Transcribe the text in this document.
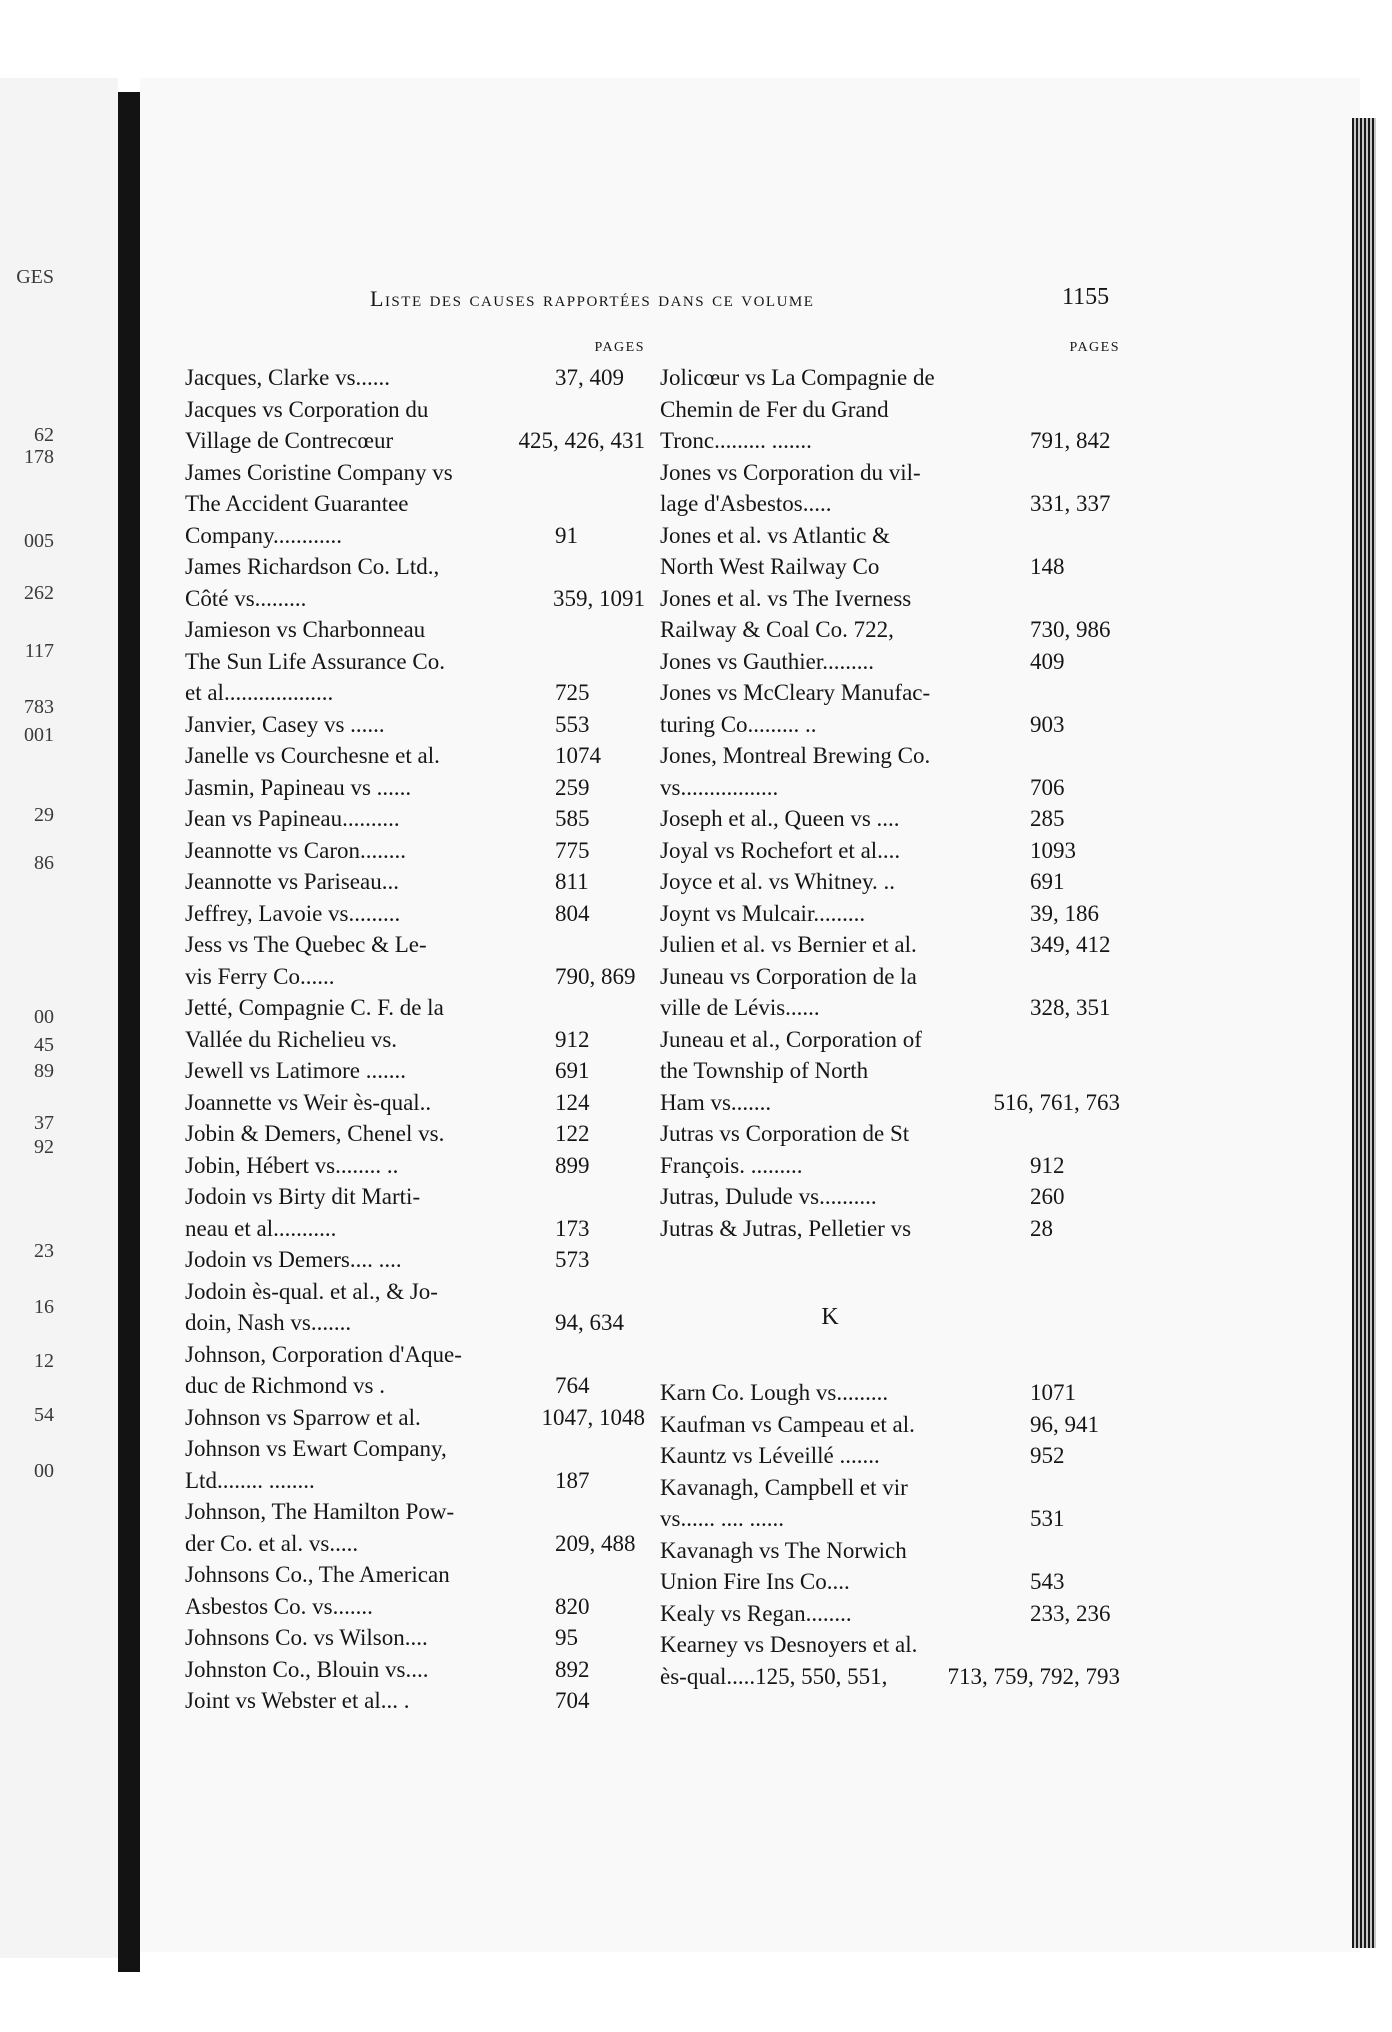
GES
62
178
005
262
117
783
001
29
86
00
45
89
37
92
23
16
12
54
00
Liste des causes rapportées dans ce volume	1155
PAGES
37, 409
Jacques, Clarke vs......
Jacques vs Corporation du
425, 426, 431
Village de Contrecœur
James Coristine Company vs
The Accident Guarantee
91
Company............
James Richardson Co. Ltd.,
359, 1091
Côté vs.........
Jamieson vs Charbonneau
The Sun Life Assurance Co.
725
et al...................
553
Janvier, Casey vs ......
1074
Janelle vs Courchesne et al.
259
Jasmin, Papineau vs ......
585
Jean vs Papineau..........
775
Jeannotte vs Caron........
811
Jeannotte vs Pariseau...
804
Jeffrey, Lavoie vs.........
Jess vs The Quebec & Le-
790, 869
vis Ferry Co......
Jetté, Compagnie C. F. de la
912
Vallée du Richelieu vs.
691
Jewell vs Latimore .......
124
Joannette vs Weir ès-qual..
122
Jobin & Demers, Chenel vs.
899
Jobin, Hébert vs........ ..
Jodoin vs Birty dit Marti-
173
neau et al...........
573
Jodoin vs Demers.... ....
Jodoin ès-qual. et al., & Jo-
94, 634
doin, Nash vs.......
Johnson, Corporation d'Aque-
764
duc de Richmond vs .
1047, 1048
Johnson vs Sparrow et al.
Johnson vs Ewart Company,
187
Ltd........ ........
Johnson, The Hamilton Pow-
209, 488
der Co. et al. vs.....
Johnsons Co., The American
820
Asbestos Co. vs.......
95
Johnsons Co. vs Wilson....
892
Johnston Co., Blouin vs....
704
Joint vs Webster et al... .
PAGES
Jolicœur vs La Compagnie de
Chemin de Fer du Grand
791, 842
Tronc......... .......
Jones vs Corporation du vil-
331, 337
lage d'Asbestos.....
Jones et al. vs Atlantic &
148
North West Railway Co
Jones et al. vs The Iverness
730, 986
Railway & Coal Co. 722,
409
Jones vs Gauthier.........
Jones vs McCleary Manufac-
903
turing Co......... ..
Jones, Montreal Brewing Co.
706
vs.................
285
Joseph et al., Queen vs ....
1093
Joyal vs Rochefort et al....
691
Joyce et al. vs Whitney. ..
39, 186
Joynt vs Mulcair.........
349, 412
Julien et al. vs Bernier et al.
Juneau vs Corporation de la
328, 351
ville de Lévis......
Juneau et al., Corporation of
the Township of North
516, 761, 763
Ham vs.......
Jutras vs Corporation de St
912
François. .........
260
Jutras, Dulude vs..........
28
Jutras & Jutras, Pelletier vs
K
1071
Karn Co. Lough vs.........
96, 941
Kaufman vs Campeau et al.
952
Kauntz vs Léveillé .......
Kavanagh, Campbell et vir
531
vs...... .... ......
Kavanagh vs The Norwich
543
Union Fire Ins Co....
233, 236
Kealy vs Regan........
Kearney vs Desnoyers et al.
713, 759, 792, 793
ès-qual.....125, 550, 551,
